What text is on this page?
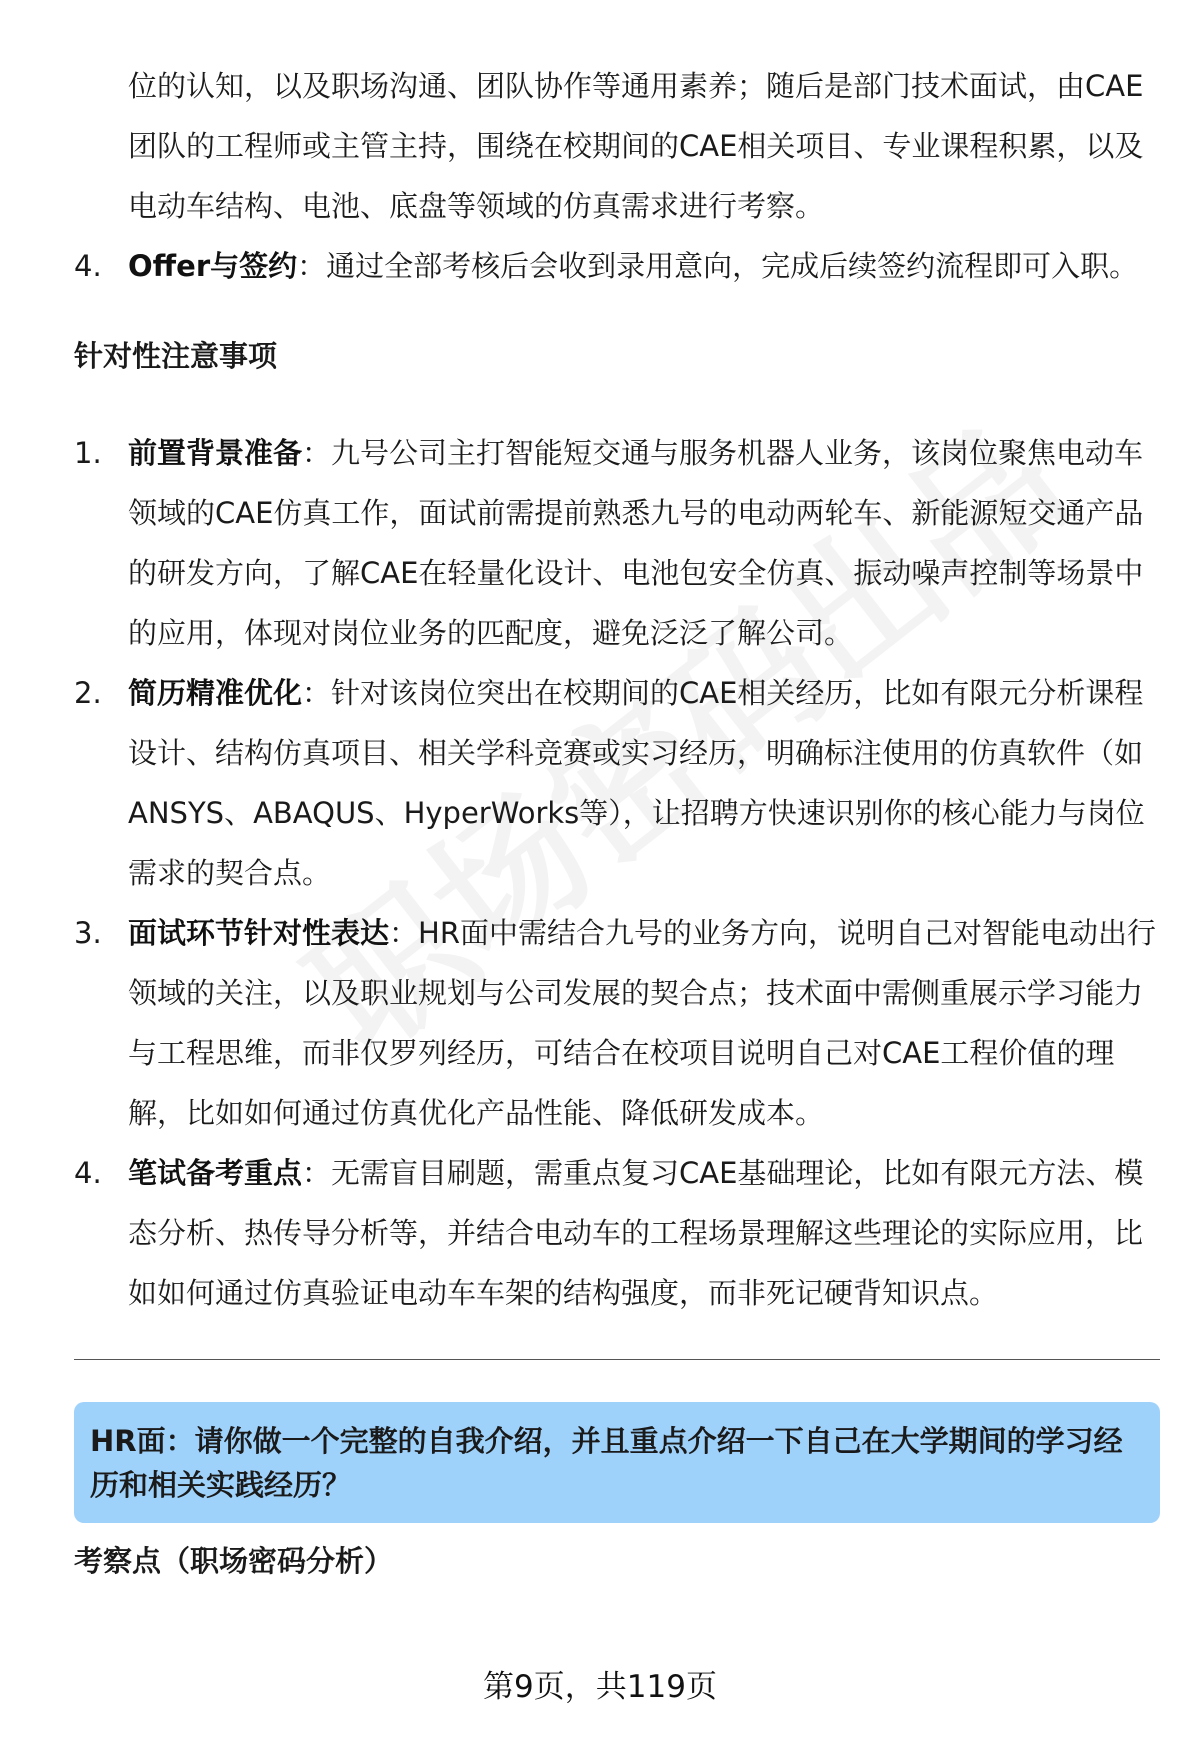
位的认知，以及职场沟通、团队协作等通用素养；随后是部门技术面试，由CAE团队的工程师或主管主持，围绕在校期间的CAE相关项目、专业课程积累，以及电动车结构、电池、底盘等领域的仿真需求进行考察。

4. Offer与签约：通过全部考核后会收到录用意向，完成后续签约流程即可入职。

针对性注意事项

1. 前置背景准备：九号公司主打智能短交通与服务机器人业务，该岗位聚焦电动车领域的CAE仿真工作，面试前需提前熟悉九号的电动两轮车、新能源短交通产品的研发方向，了解CAE在轻量化设计、电池包安全仿真、振动噪声控制等场景中的应用，体现对岗位业务的匹配度，避免泛泛了解公司。
2. 简历精准优化：针对该岗位突出在校期间的CAE相关经历，比如有限元分析课程设计、结构仿真项目、相关学科竞赛或实习经历，明确标注使用的仿真软件（如ANSYS、ABAQUS、HyperWorks等），让招聘方快速识别你的核心能力与岗位需求的契合点。
3. 面试环节针对性表达：HR面中需结合九号的业务方向，说明自己对智能电动出行领域的关注，以及职业规划与公司发展的契合点；技术面中需侧重展示学习能力与工程思维，而非仅罗列经历，可结合在校项目说明自己对CAE工程价值的理解，比如如何通过仿真优化产品性能、降低研发成本。
4. 笔试备考重点：无需盲目刷题，需重点复习CAE基础理论，比如有限元方法、模态分析、热传导分析等，并结合电动车的工程场景理解这些理论的实际应用，比如如何通过仿真验证电动车车架的结构强度，而非死记硬背知识点。
HR面：请你做一个完整的自我介绍，并且重点介绍一下自己在大学期间的学习经历和相关实践经历？

考察点（职场密码分析）

第9页，共119页
